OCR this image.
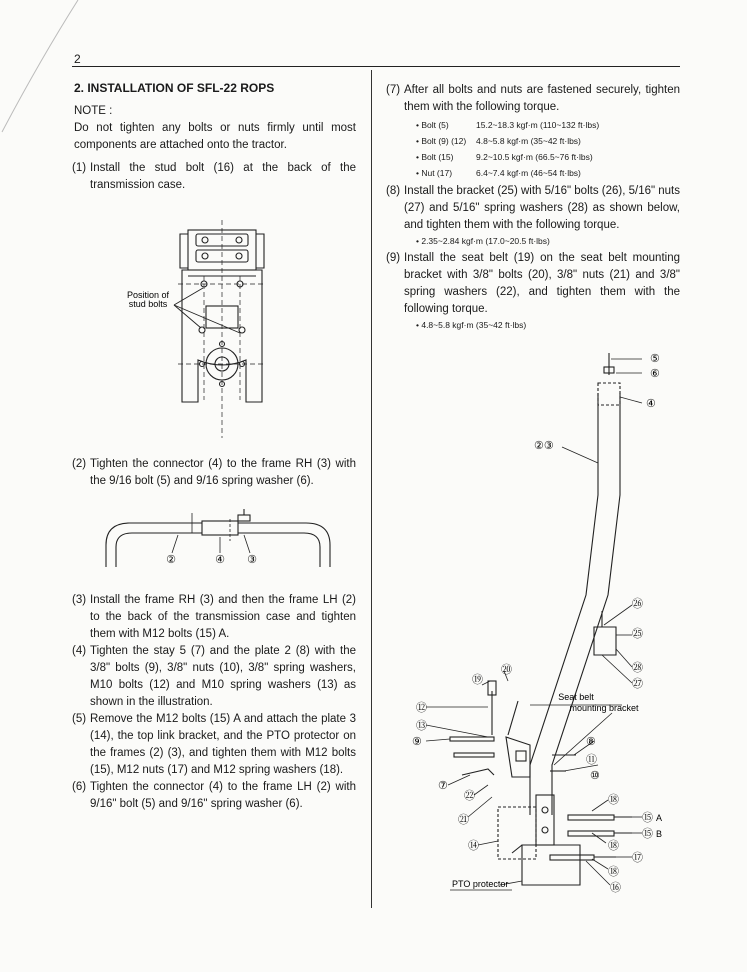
2
2. INSTALLATION OF SFL-22 ROPS
NOTE :
Do not tighten any bolts or nuts firmly until most components are attached onto the tractor.
(1) Install the stud bolt (16) at the back of the transmission case.
Position of
stud bolts
(2) Tighten the connector (4) to the frame RH (3) with the 9/16 bolt (5) and 9/16 spring washer (6).
②	④ ③
(3) Install the frame RH (3) and then the frame LH (2) to the back of the transmission case and tighten them with M12 bolts (15) A.
(4) Tighten the stay 5 (7) and the plate 2 (8) with the 3/8" bolts (9), 3/8" nuts (10), 3/8" spring washers, M10 bolts (12) and M10 spring washers (13) as shown in the illustration.
(5) Remove the M12 bolts (15) A and attach the plate 3 (14), the top link bracket, and the PTO protector on the frames (2) (3), and tighten them with M12 bolts (15), M12 nuts (17) and M12 spring washers (18).
(6) Tighten the connector (4) to the frame LH (2) with 9/16" bolt (5) and 9/16" spring washer (6).
(7) After all bolts and nuts are fastened securely, tighten them with the following torque.
• Bolt (5)	15.2~18.3 kgf·m (110~132 ft·lbs)
• Bolt (9) (12)	4.8~5.8 kgf·m (35~42 ft·lbs)
• Bolt (15)	9.2~10.5 kgf·m (66.5~76 ft·lbs)
• Nut (17)	6.4~7.4 kgf·m (46~54 ft·lbs)
(8) Install the bracket (25) with 5/16" bolts (26), 5/16" nuts (27) and 5/16" spring washers (28) as shown below, and tighten them with the following torque.
• 2.35~2.84 kgf·m (17.0~20.5 ft·lbs)
(9) Install the seat belt (19) on the seat belt mounting bracket with 3/8" bolts (20), 3/8" nuts (21) and 3/8" spring washers (22), and tighten them with the following torque.
• 4.8~5.8 kgf·m (35~42 ft·lbs)
⑤
⑥
④
②③
㉖
㉕
㉘
㉗
⑳
⑲
⑫
⑬
⑨
Seat belt
mounting bracket
⑧
⑪
⑩
⑦
㉒
㉑
⑱
⑮ A
⑮ B
⑱
⑰
⑭
⑱
⑯
PTO protector
